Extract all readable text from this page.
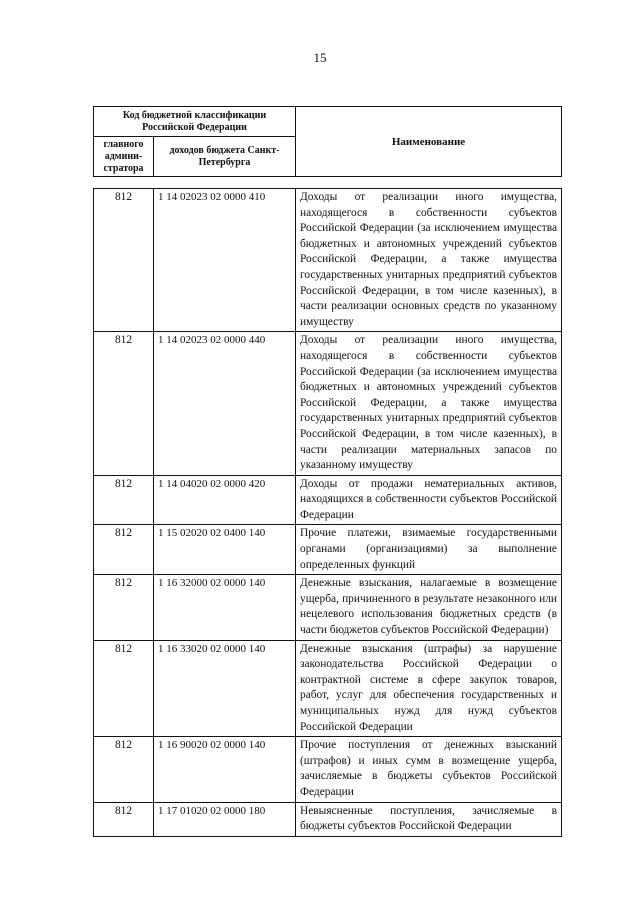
15
Код бюджетной классификации Российской Федерации		Наименование
главного админи-стратора	доходов бюджета Санкт-Петербурга	
812	1 14 02023 02 0000 410	Доходы от реализации иного имущества, находящегося в собственности субъектов Российской Федерации (за исключением имущества бюджетных и автономных учреждений субъектов Российской Федерации, а также имущества государственных унитарных предприятий субъектов Российской Федерации, в том числе казенных), в части реализации основных средств по указанному имуществу
812	1 14 02023 02 0000 440	Доходы от реализации иного имущества, находящегося в собственности субъектов Российской Федерации (за исключением имущества бюджетных и автономных учреждений субъектов Российской Федерации, а также имущества государственных унитарных предприятий субъектов Российской Федерации, в том числе казенных), в части реализации материальных запасов по указанному имуществу
812	1 14 04020 02 0000 420	Доходы от продажи нематериальных активов, находящихся в собственности субъектов Российской Федерации
812	1 15 02020 02 0400 140	Прочие платежи, взимаемые государственными органами (организациями) за выполнение определенных функций
812	1 16 32000 02 0000 140	Денежные взыскания, налагаемые в возмещение ущерба, причиненного в результате незаконного или нецелевого использования бюджетных средств (в части бюджетов субъектов Российской Федерации)
812	1 16 33020 02 0000 140	Денежные взыскания (штрафы) за нарушение законодательства Российской Федерации о контрактной системе в сфере закупок товаров, работ, услуг для обеспечения государственных и муниципальных нужд для нужд субъектов Российской Федерации
812	1 16 90020 02 0000 140	Прочие поступления от денежных взысканий (штрафов) и иных сумм в возмещение ущерба, зачисляемые в бюджеты субъектов Российской Федерации
812	1 17 01020 02 0000 180	Невыясненные поступления, зачисляемые в бюджеты субъектов Российской Федерации
